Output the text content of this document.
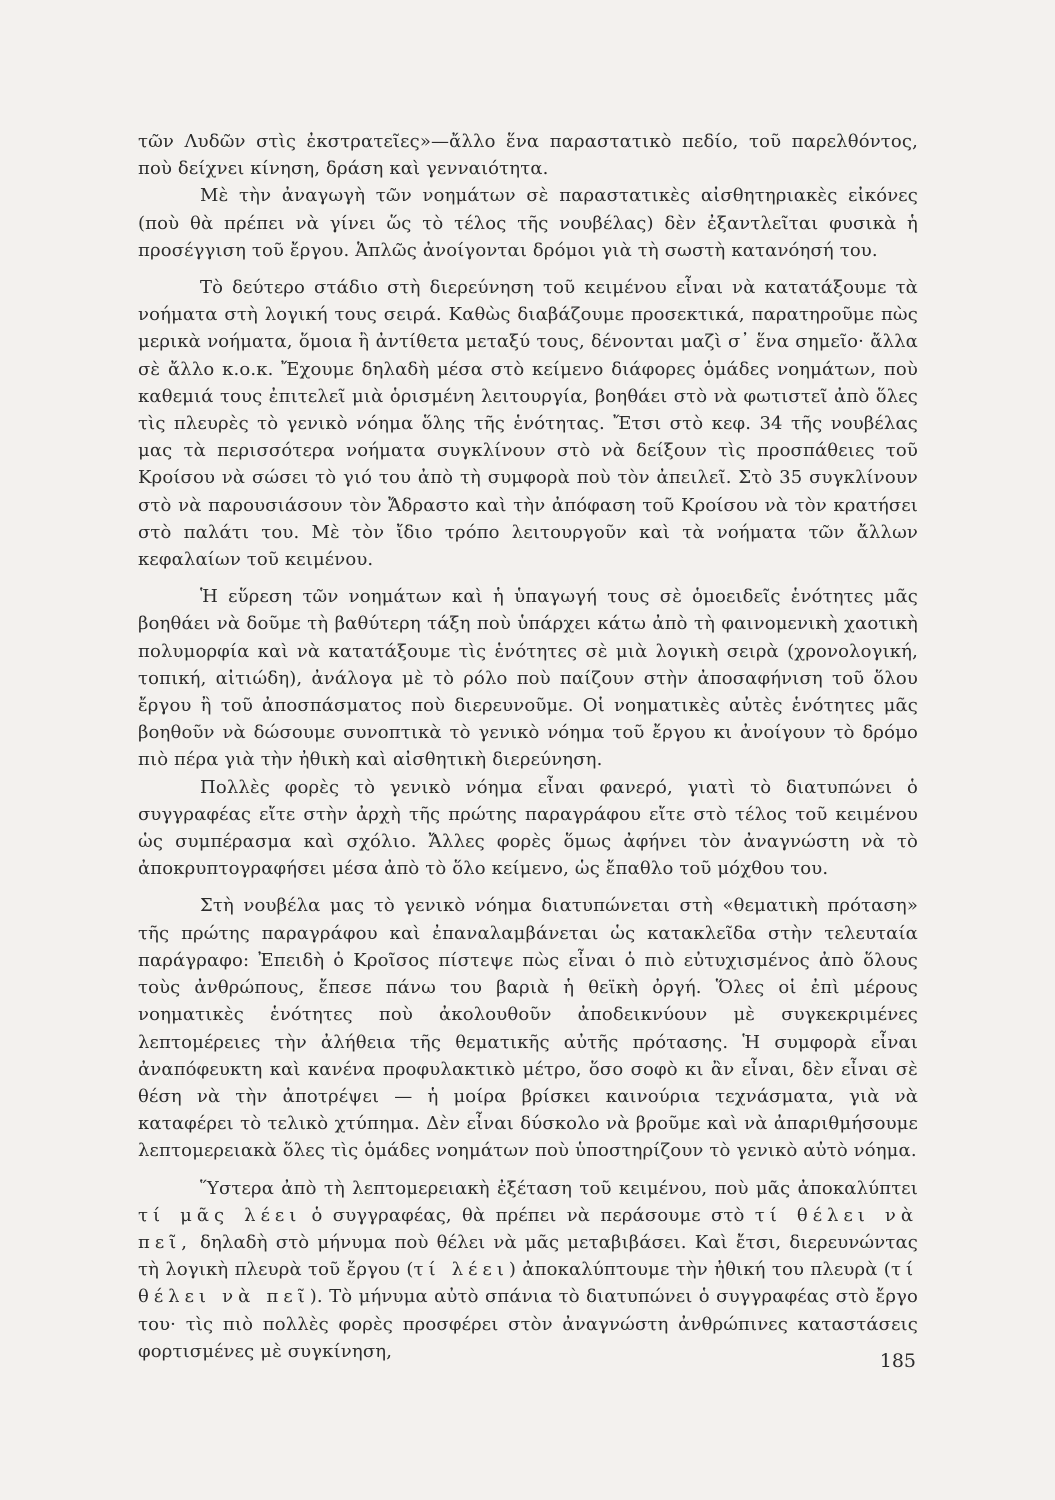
τῶν Λυδῶν στὶς ἐκστρατεῖες»—ἄλλο ἕνα παραστατικὸ πεδίο, τοῦ παρελθόντος, ποὺ δείχνει κίνηση, δράση καὶ γενναιότητα.

Μὲ τὴν ἀναγωγὴ τῶν νοημάτων σὲ παραστατικὲς αἰσθητηριακὲς εἰκόνες (ποὺ θὰ πρέπει νὰ γίνει ὥς τὸ τέλος τῆς νουβέλας) δὲν ἐξαντλεῖται φυσικὰ ἡ προσέγγιση τοῦ ἔργου. Ἁπλῶς ἀνοίγονται δρόμοι γιὰ τὴ σωστὴ κατανόησή του.

Τὸ δεύτερο στάδιο στὴ διερεύνηση τοῦ κειμένου εἶναι νὰ κατατάξουμε τὰ νοήματα στὴ λογική τους σειρά. Καθὼς διαβάζουμε προσεκτικά, παρατηροῦμε πὼς μερικὰ νοήματα, ὅμοια ἢ ἀντίθετα μεταξύ τους, δένονται μαζὶ σ᾽ ἕνα σημεῖο· ἄλλα σὲ ἄλλο κ.ο.κ. Ἔχουμε δηλαδὴ μέσα στὸ κείμενο διάφορες ὁμάδες νοημάτων, ποὺ καθεμιά τους ἐπιτελεῖ μιὰ ὁρισμένη λειτουργία, βοηθάει στὸ νὰ φωτιστεῖ ἀπὸ ὅλες τὶς πλευρὲς τὸ γενικὸ νόημα ὅλης τῆς ἑνότητας. Ἔτσι στὸ κεφ. 34 τῆς νουβέλας μας τὰ περισσότερα νοήματα συγκλίνουν στὸ νὰ δείξουν τὶς προσπάθειες τοῦ Κροίσου νὰ σώσει τὸ γιό του ἀπὸ τὴ συμφορὰ ποὺ τὸν ἀπειλεῖ. Στὸ 35 συγκλίνουν στὸ νὰ παρουσιάσουν τὸν Ἄδραστο καὶ τὴν ἀπόφαση τοῦ Κροίσου νὰ τὸν κρατήσει στὸ παλάτι του. Μὲ τὸν ἴδιο τρόπο λειτουργοῦν καὶ τὰ νοήματα τῶν ἄλλων κεφαλαίων τοῦ κειμένου.

Ἡ εὕρεση τῶν νοημάτων καὶ ἡ ὑπαγωγή τους σὲ ὁμοειδεῖς ἑνότητες μᾶς βοηθάει νὰ δοῦμε τὴ βαθύτερη τάξη ποὺ ὑπάρχει κάτω ἀπὸ τὴ φαινομενικὴ χαοτικὴ πολυμορφία καὶ νὰ κατατάξουμε τὶς ἑνότητες σὲ μιὰ λογικὴ σειρὰ (χρονολογική, τοπική, αἰτιώδη), ἀνάλογα μὲ τὸ ρόλο ποὺ παίζουν στὴν ἀποσαφήνιση τοῦ ὅλου ἔργου ἢ τοῦ ἀποσπάσματος ποὺ διερευνοῦμε. Οἱ νοηματικὲς αὐτὲς ἑνότητες μᾶς βοηθοῦν νὰ δώσουμε συνοπτικὰ τὸ γενικὸ νόημα τοῦ ἔργου κι ἀνοίγουν τὸ δρόμο πιὸ πέρα γιὰ τὴν ἠθικὴ καὶ αἰσθητικὴ διερεύνηση.

Πολλὲς φορὲς τὸ γενικὸ νόημα εἶναι φανερό, γιατὶ τὸ διατυπώνει ὁ συγγραφέας εἴτε στὴν ἀρχὴ τῆς πρώτης παραγράφου εἴτε στὸ τέλος τοῦ κειμένου ὡς συμπέρασμα καὶ σχόλιο. Ἄλλες φορὲς ὅμως ἀφήνει τὸν ἀναγνώστη νὰ τὸ ἀποκρυπτογραφήσει μέσα ἀπὸ τὸ ὅλο κείμενο, ὡς ἔπαθλο τοῦ μόχθου του.

Στὴ νουβέλα μας τὸ γενικὸ νόημα διατυπώνεται στὴ «θεματικὴ πρόταση» τῆς πρώτης παραγράφου καὶ ἐπαναλαμβάνεται ὡς κατακλεῖδα στὴν τελευταία παράγραφο: Ἐπειδὴ ὁ Κροῖσος πίστεψε πὼς εἶναι ὁ πιὸ εὐτυχισμένος ἀπὸ ὅλους τοὺς ἀνθρώπους, ἔπεσε πάνω του βαριὰ ἡ θεϊκὴ ὀργή. Ὅλες οἱ ἐπὶ μέρους νοηματικὲς ἑνότητες ποὺ ἀκολουθοῦν ἀποδεικνύουν μὲ συγκεκριμένες λεπτομέρειες τὴν ἀλήθεια τῆς θεματικῆς αὐτῆς πρότασης. Ἡ συμφορὰ εἶναι ἀναπόφευκτη καὶ κανένα προφυλακτικὸ μέτρο, ὅσο σοφὸ κι ἂν εἶναι, δὲν εἶναι σὲ θέση νὰ τὴν ἀποτρέψει — ἡ μοίρα βρίσκει καινούρια τεχνάσματα, γιὰ νὰ καταφέρει τὸ τελικὸ χτύπημα. Δὲν εἶναι δύσκολο νὰ βροῦμε καὶ νὰ ἀπαριθμήσουμε λεπτομερειακὰ ὅλες τὶς ὁμάδες νοημάτων ποὺ ὑποστηρίζουν τὸ γενικὸ αὐτὸ νόημα.

Ὕστερα ἀπὸ τὴ λεπτομερειακὴ ἐξέταση τοῦ κειμένου, ποὺ μᾶς ἀποκαλύπτει τί μᾶς λέει ὁ συγγραφέας, θὰ πρέπει νὰ περάσουμε στὸ τί θέλει νὰ πεῖ, δηλαδὴ στὸ μήνυμα ποὺ θέλει νὰ μᾶς μεταβιβάσει. Καὶ ἔτσι, διερευνώντας τὴ λογικὴ πλευρὰ τοῦ ἔργου (τί λέει) ἀποκαλύπτουμε τὴν ἠθική του πλευρὰ (τί θέλει νὰ πεῖ). Τὸ μήνυμα αὐτὸ σπάνια τὸ διατυπώνει ὁ συγγραφέας στὸ ἔργο του· τὶς πιὸ πολλὲς φορὲς προσφέρει στὸν ἀναγνώστη ἀνθρώπινες καταστάσεις φορτισμένες μὲ συγκίνηση,	185
